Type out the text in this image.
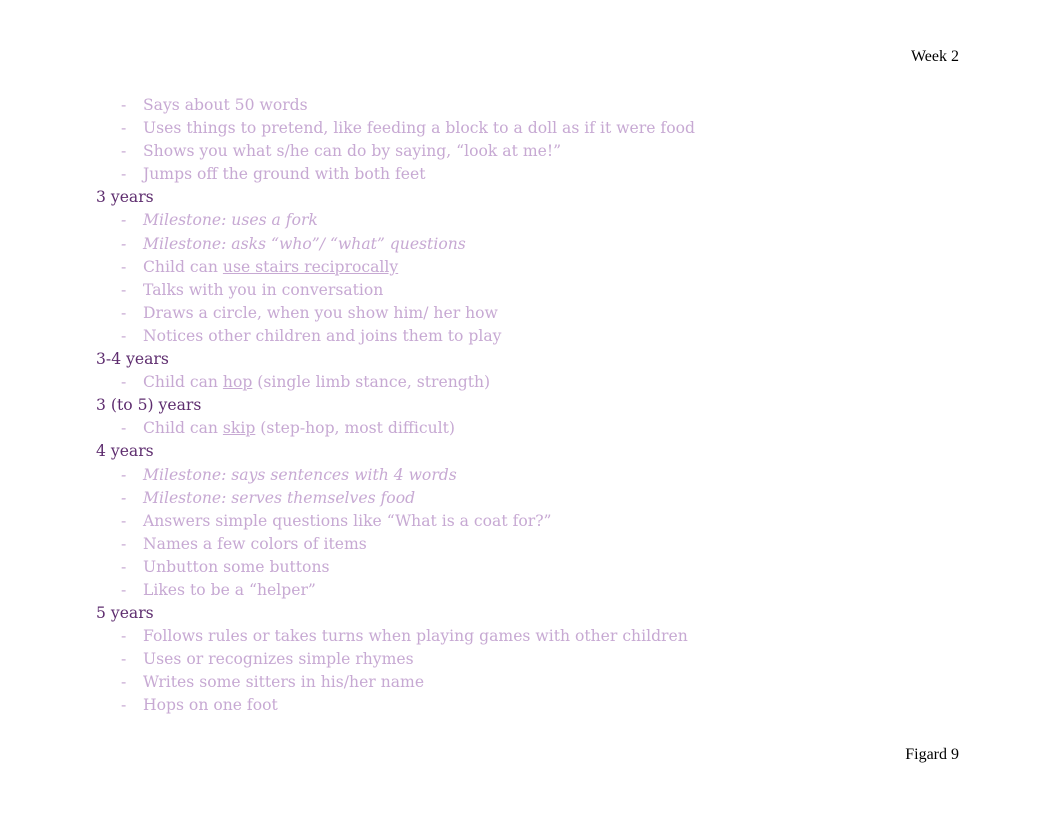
Week 2
- Says about 50 words
- Uses things to pretend, like feeding a block to a doll as if it were food
- Shows you what s/he can do by saying, “look at me!”
- Jumps off the ground with both feet
3 years
- Milestone: uses a fork
- Milestone: asks “who”/ “what” questions
- Child can use stairs reciprocally
- Talks with you in conversation
- Draws a circle, when you show him/ her how
- Notices other children and joins them to play
3-4 years
- Child can hop (single limb stance, strength)
3 (to 5) years
- Child can skip (step-hop, most difficult)
4 years
- Milestone: says sentences with 4 words
- Milestone: serves themselves food
- Answers simple questions like “What is a coat for?”
- Names a few colors of items
- Unbutton some buttons
- Likes to be a “helper”
5 years
- Follows rules or takes turns when playing games with other children
- Uses or recognizes simple rhymes
- Writes some sitters in his/her name
- Hops on one foot
Figard 9
